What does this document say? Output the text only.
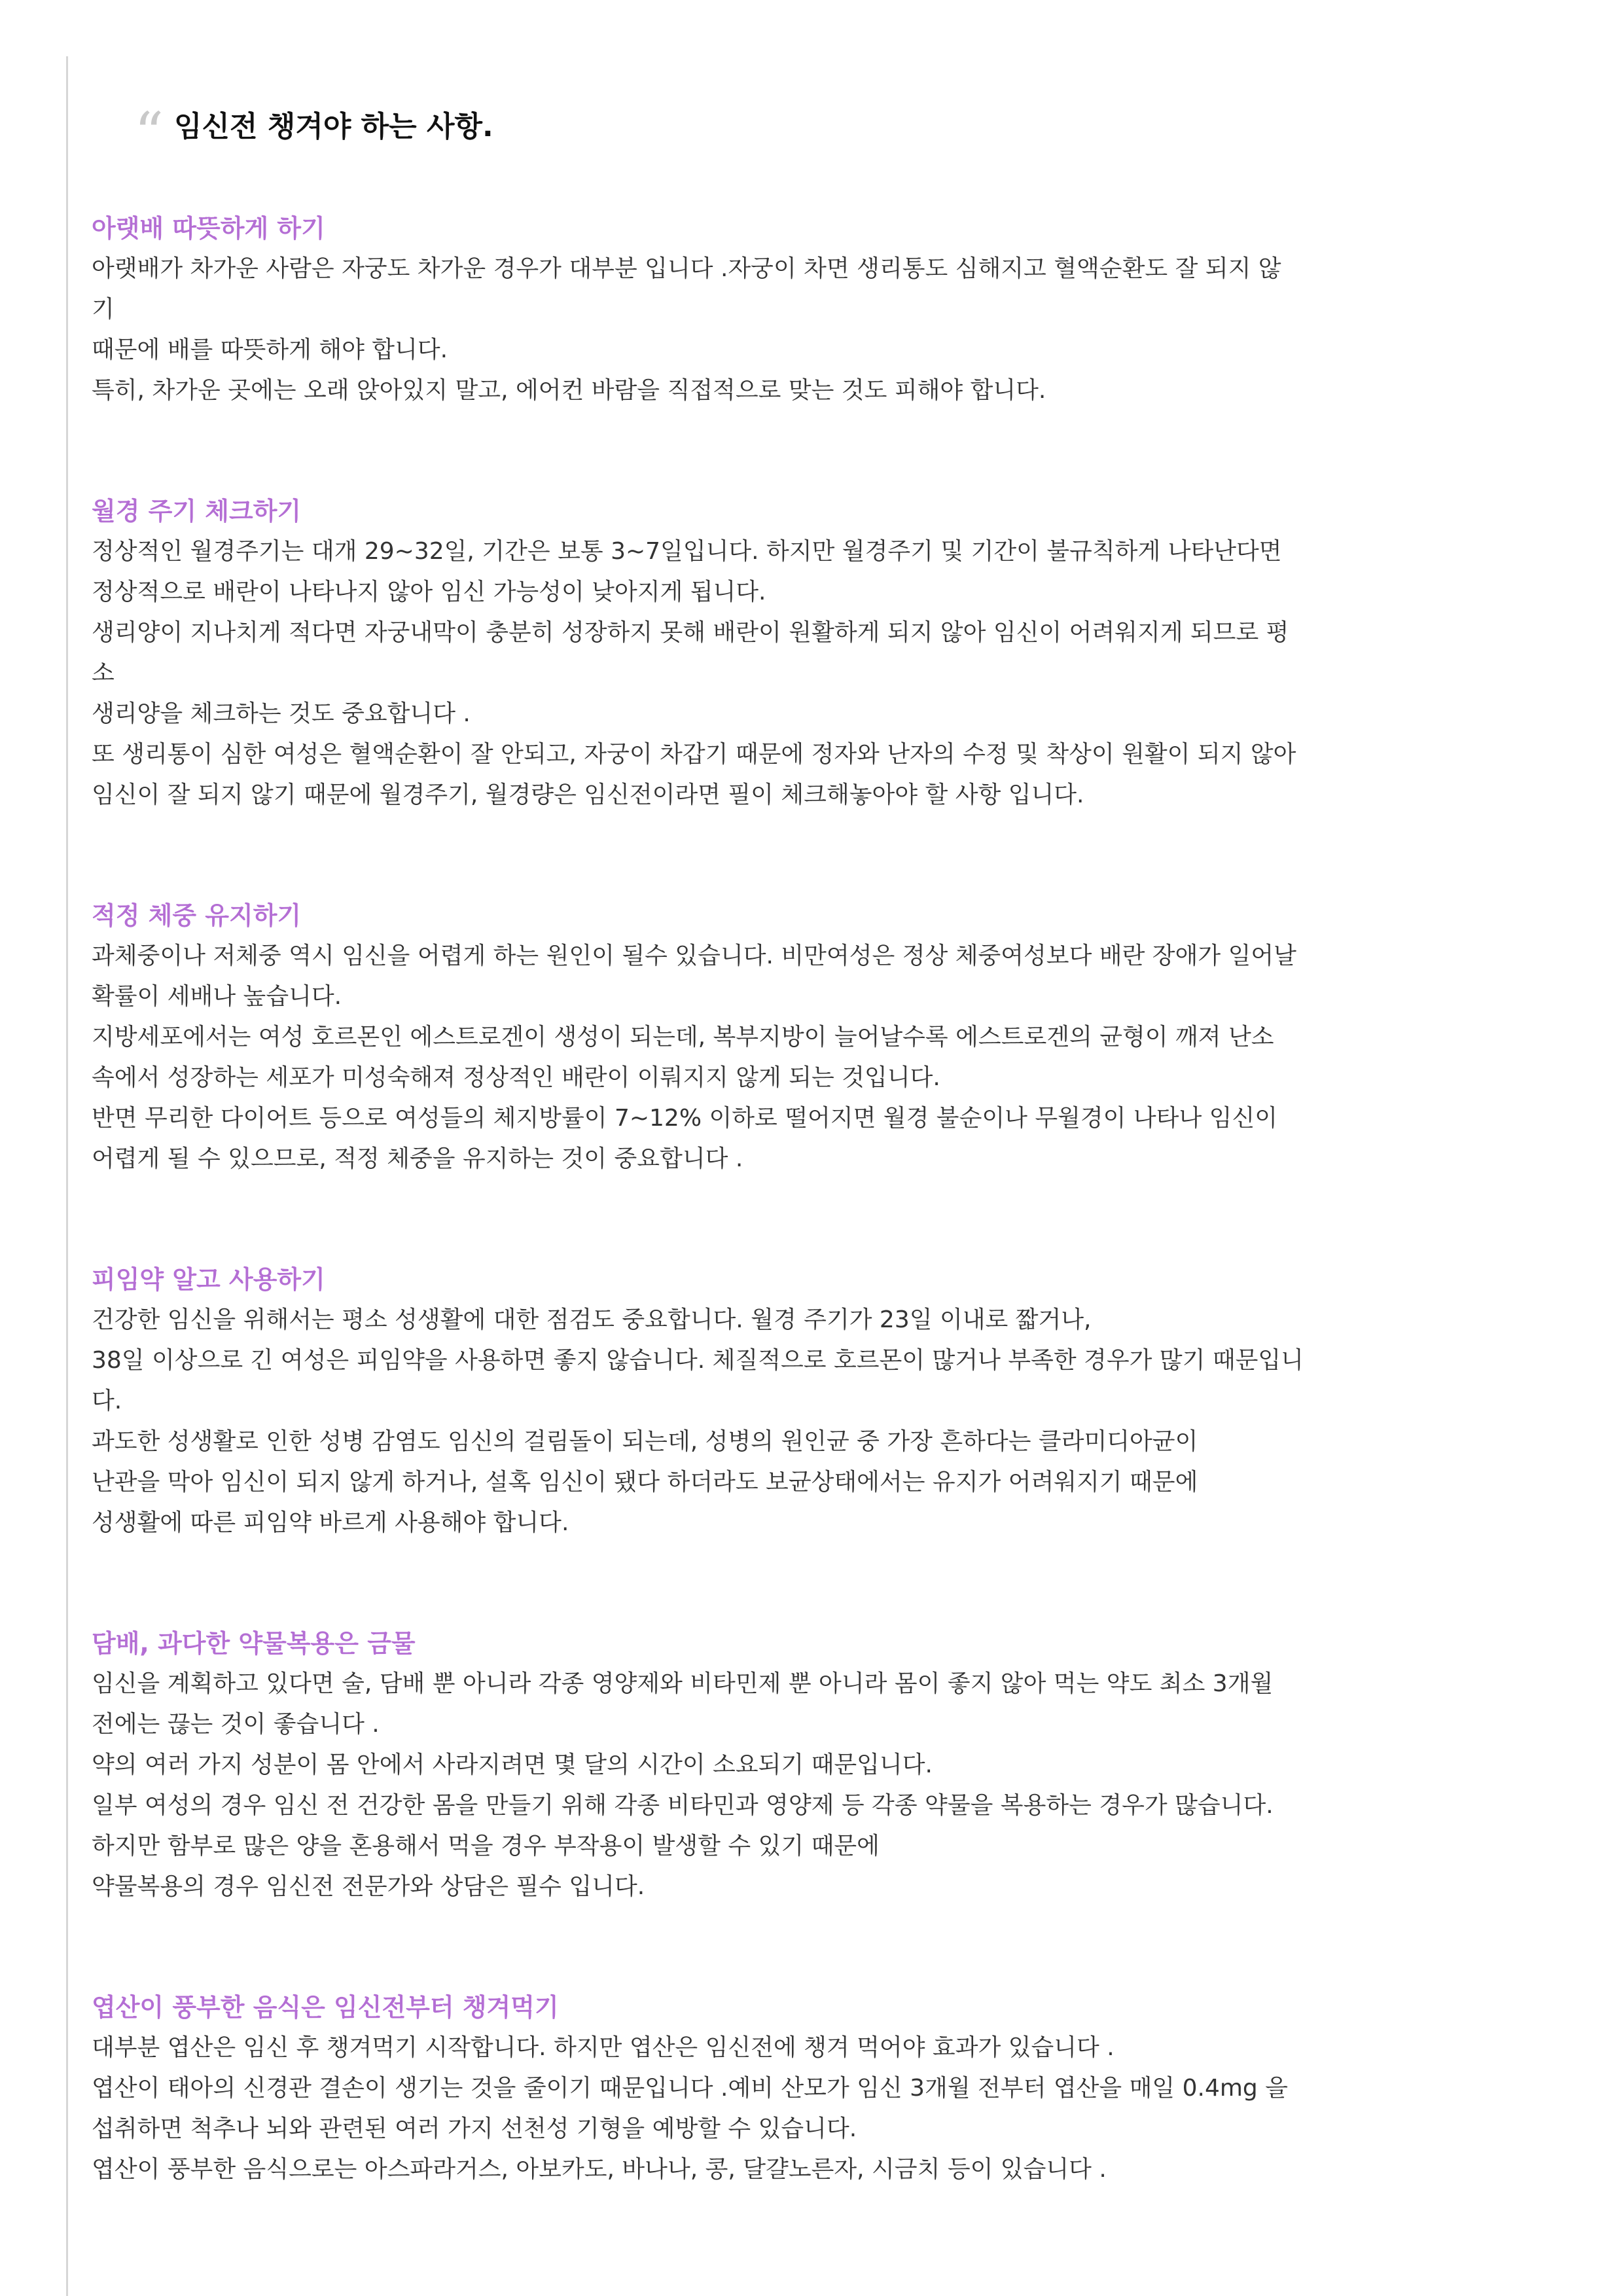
“ 임신전 챙겨야 하는 사항.
아랫배 따뜻하게 하기
아랫배가 차가운 사람은 자궁도 차가운 경우가 대부분 입니다 .자궁이 차면 생리통도 심해지고 혈액순환도 잘 되지 않
기
때문에 배를 따뜻하게 해야 합니다.
특히, 차가운 곳에는 오래 앉아있지 말고, 에어컨 바람을 직접적으로 맞는 것도 피해야 합니다.
월경 주기 체크하기
정상적인 월경주기는 대개 29~32일, 기간은 보통 3~7일입니다. 하지만 월경주기 및 기간이 불규칙하게 나타난다면
정상적으로 배란이 나타나지 않아 임신 가능성이 낮아지게 됩니다.
생리양이 지나치게 적다면 자궁내막이 충분히 성장하지 못해 배란이 원활하게 되지 않아 임신이 어려워지게 되므로 평
소
생리양을 체크하는 것도 중요합니다 .
또 생리통이 심한 여성은 혈액순환이 잘 안되고, 자궁이 차갑기 때문에 정자와 난자의 수정 및 착상이 원활이 되지 않아
임신이 잘 되지 않기 때문에 월경주기, 월경량은 임신전이라면 필이 체크해놓아야 할 사항 입니다.
적정 체중 유지하기
과체중이나 저체중 역시 임신을 어렵게 하는 원인이 될수 있습니다. 비만여성은 정상 체중여성보다 배란 장애가 일어날
확률이 세배나 높습니다.
지방세포에서는 여성 호르몬인 에스트로겐이 생성이 되는데, 복부지방이 늘어날수록 에스트로겐의 균형이 깨져 난소
속에서 성장하는 세포가 미성숙해져 정상적인 배란이 이뤄지지 않게 되는 것입니다.
반면 무리한 다이어트 등으로 여성들의 체지방률이 7~12% 이하로 떨어지면 월경 불순이나 무월경이 나타나 임신이
어렵게 될 수 있으므로, 적정 체중을 유지하는 것이 중요합니다 .
피임약 알고 사용하기
건강한 임신을 위해서는 평소 성생활에 대한 점검도 중요합니다. 월경 주기가 23일 이내로 짧거나,
38일 이상으로 긴 여성은 피임약을 사용하면 좋지 않습니다. 체질적으로 호르몬이 많거나 부족한 경우가 많기 때문입니
다.
과도한 성생활로 인한 성병 감염도 임신의 걸림돌이 되는데, 성병의 원인균 중 가장 흔하다는 클라미디아균이
난관을 막아 임신이 되지 않게 하거나, 설혹 임신이 됐다 하더라도 보균상태에서는 유지가 어려워지기 때문에
성생활에 따른 피임약 바르게 사용해야 합니다.
담배, 과다한 약물복용은 금물
임신을 계획하고 있다면 술, 담배 뿐 아니라 각종 영양제와 비타민제 뿐 아니라 몸이 좋지 않아 먹는 약도 최소 3개월
전에는 끊는 것이 좋습니다 .
약의 여러 가지 성분이 몸 안에서 사라지려면 몇 달의 시간이 소요되기 때문입니다.
일부 여성의 경우 임신 전 건강한 몸을 만들기 위해 각종 비타민과 영양제 등 각종 약물을 복용하는 경우가 많습니다.
하지만 함부로 많은 양을 혼용해서 먹을 경우 부작용이 발생할 수 있기 때문에
약물복용의 경우 임신전 전문가와 상담은 필수 입니다.
엽산이 풍부한 음식은 임신전부터 챙겨먹기
대부분 엽산은 임신 후 챙겨먹기 시작합니다. 하지만 엽산은 임신전에 챙겨 먹어야 효과가 있습니다 .
엽산이 태아의 신경관 결손이 생기는 것을 줄이기 때문입니다 .예비 산모가 임신 3개월 전부터 엽산을 매일 0.4mg 을
섭취하면 척추나 뇌와 관련된 여러 가지 선천성 기형을 예방할 수 있습니다.
엽산이 풍부한 음식으로는 아스파라거스, 아보카도, 바나나, 콩, 달걀노른자, 시금치 등이 있습니다 .
